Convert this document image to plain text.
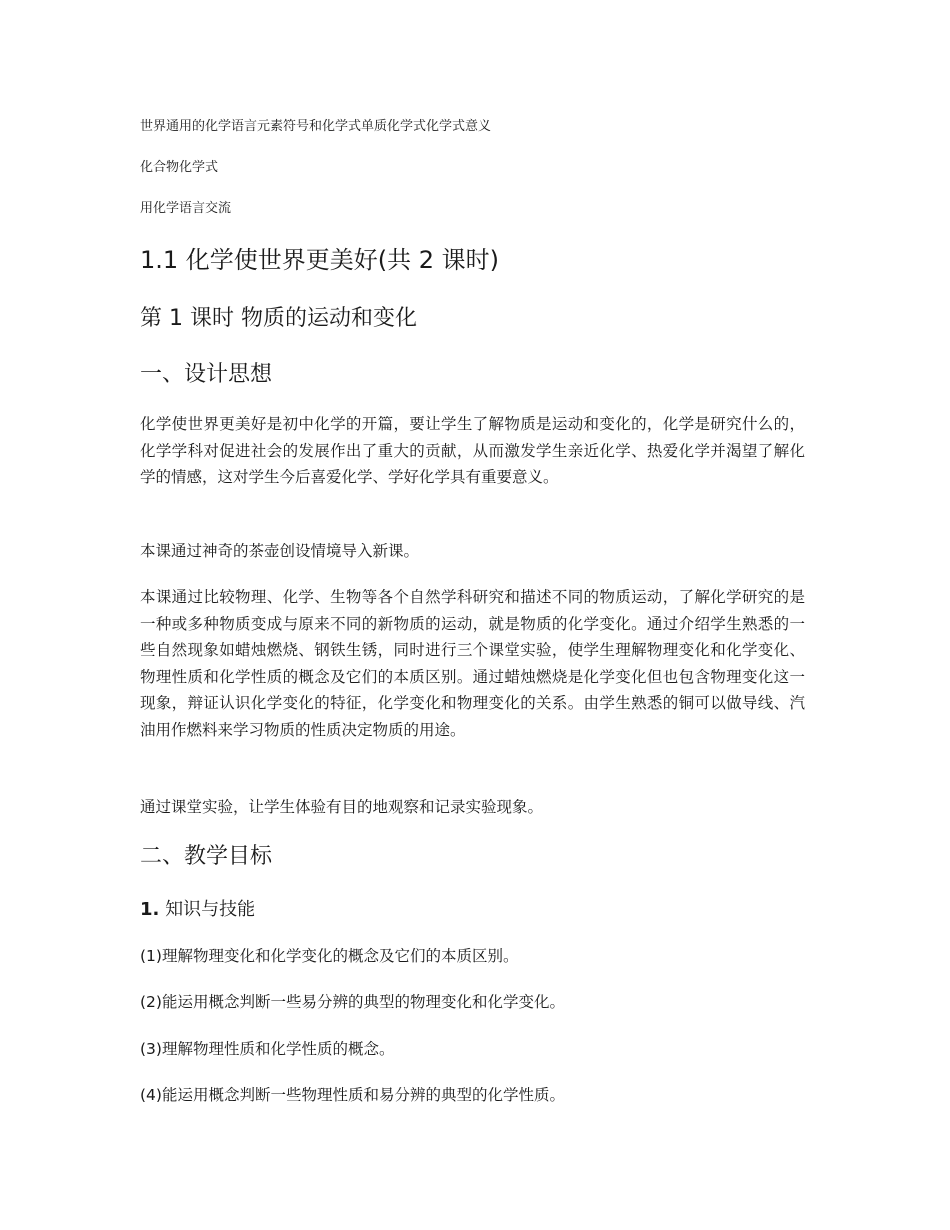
世界通用的化学语言元素符号和化学式单质化学式化学式意义
化合物化学式
用化学语言交流
1.1 化学使世界更美好(共 2 课时)
第 1 课时 物质的运动和变化
一、设计思想
化学使世界更美好是初中化学的开篇，要让学生了解物质是运动和变化的，化学是研究什么的，化学学科对促进社会的发展作出了重大的贡献，从而激发学生亲近化学、热爱化学并渴望了解化学的情感，这对学生今后喜爱化学、学好化学具有重要意义。
本课通过神奇的茶壶创设情境导入新课。
本课通过比较物理、化学、生物等各个自然学科研究和描述不同的物质运动，了解化学研究的是一种或多种物质变成与原来不同的新物质的运动，就是物质的化学变化。通过介绍学生熟悉的一些自然现象如蜡烛燃烧、钢铁生锈，同时进行三个课堂实验，使学生理解物理变化和化学变化、物理性质和化学性质的概念及它们的本质区别。通过蜡烛燃烧是化学变化但也包含物理变化这一现象，辩证认识化学变化的特征，化学变化和物理变化的关系。由学生熟悉的铜可以做导线、汽油用作燃料来学习物质的性质决定物质的用途。
通过课堂实验，让学生体验有目的地观察和记录实验现象。
二、教学目标
1. 知识与技能
(1)理解物理变化和化学变化的概念及它们的本质区别。
(2)能运用概念判断一些易分辨的典型的物理变化和化学变化。
(3)理解物理性质和化学性质的概念。
(4)能运用概念判断一些物理性质和易分辨的典型的化学性质。
